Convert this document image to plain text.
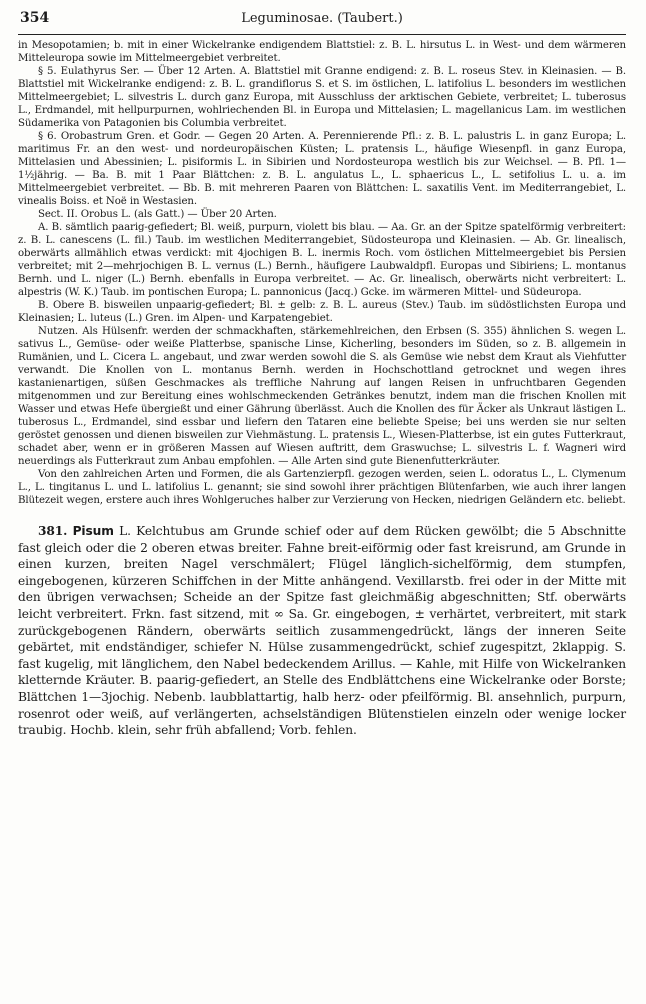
354	Leguminosae. (Taubert.)

in Mesopotamien; b. mit in einer Wickelranke endigendem Blattstiel: z. B. L. hirsutus L. in West- und dem wärmeren Mitteleuropa sowie im Mittelmeergebiet verbreitet.

§ 5. Eulathyrus Ser. — Über 12 Arten. A. Blattstiel mit Granne endigend: z. B. L. roseus Stev. in Kleinasien. — B. Blattstiel mit Wickelranke endigend: z. B. L. grandiflorus S. et S. im östlichen, L. latifolius L. besonders im westlichen Mittelmeergebiet; L. silvestris L. durch ganz Europa, mit Ausschluss der arktischen Gebiete, verbreitet; L. tuberosus L., Erdmandel, mit hellpurpurnen, wohlriechenden Bl. in Europa und Mittelasien; L. magellanicus Lam. im westlichen Südamerika von Patagonien bis Columbia verbreitet.

§ 6. Orobastrum Gren. et Godr. — Gegen 20 Arten. A. Perennierende Pfl.: z. B. L. palustris L. in ganz Europa; L. maritimus Fr. an den west- und nordeuropäischen Küsten; L. pratensis L., häufige Wiesenpfl. in ganz Europa, Mittelasien und Abessinien; L. pisiformis L. in Sibirien und Nordosteuropa westlich bis zur Weichsel. — B. Pfl. 1—1½jährig. — Ba. B. mit 1 Paar Blättchen: z. B. L. angulatus L., L. sphaericus L., L. setifolius L. u. a. im Mittelmeergebiet verbreitet. — Bb. B. mit mehreren Paaren von Blättchen: L. saxatilis Vent. im Mediterrangebiet, L. vinealis Boiss. et Noë in Westasien.

Sect. II. Orobus L. (als Gatt.) — Über 20 Arten.

A. B. sämtlich paarig-gefiedert; Bl. weiß, purpurn, violett bis blau. — Aa. Gr. an der Spitze spatelförmig verbreitert: z. B. L. canescens (L. fil.) Taub. im westlichen Mediterrangebiet, Südosteuropa und Kleinasien. — Ab. Gr. linealisch, oberwärts allmählich etwas verdickt: mit 4jochigen B. L. inermis Roch. vom östlichen Mittelmeergebiet bis Persien verbreitet; mit 2—mehrjochigen B. L. vernus (L.) Bernh., häufigere Laubwaldpfl. Europas und Sibiriens; L. montanus Bernh. und L. niger (L.) Bernh. ebenfalls in Europa verbreitet. — Ac. Gr. linealisch, oberwärts nicht verbreitert: L. alpestris (W. K.) Taub. im pontischen Europa; L. pannonicus (Jacq.) Gcke. im wärmeren Mittel- und Südeuropa.

B. Obere B. bisweilen unpaarig-gefiedert; Bl. ± gelb: z. B. L. aureus (Stev.) Taub. im südöstlichsten Europa und Kleinasien; L. luteus (L.) Gren. im Alpen- und Karpatengebiet.

Nutzen. Als Hülsenfr. werden der schmackhaften, stärkemehlreichen, den Erbsen (S. 355) ähnlichen S. wegen L. sativus L., Gemüse- oder weiße Platterbse, spanische Linse, Kicherling, besonders im Süden, so z. B. allgemein in Rumänien, und L. Cicera L. angebaut, und zwar werden sowohl die S. als Gemüse wie nebst dem Kraut als Viehfutter verwandt. Die Knollen von L. montanus Bernh. werden in Hochschottland getrocknet und wegen ihres kastanienartigen, süßen Geschmackes als treffliche Nahrung auf langen Reisen in unfruchtbaren Gegenden mitgenommen und zur Bereitung eines wohlschmeckenden Getränkes benutzt, indem man die frischen Knollen mit Wasser und etwas Hefe übergießt und einer Gährung überlässt. Auch die Knollen des für Äcker als Unkraut lästigen L. tuberosus L., Erdmandel, sind essbar und liefern den Tataren eine beliebte Speise; bei uns werden sie nur selten geröstet genossen und dienen bisweilen zur Viehmästung. L. pratensis L., Wiesen-Platterbse, ist ein gutes Futterkraut, schadet aber, wenn er in größeren Massen auf Wiesen auftritt, dem Graswuchse; L. silvestris L. f. Wagneri wird neuerdings als Futterkraut zum Anbau empfohlen. — Alle Arten sind gute Bienenfutterkräuter.

Von den zahlreichen Arten und Formen, die als Gartenzierpfl. gezogen werden, seien L. odoratus L., L. Clymenum L., L. tingitanus L. und L. latifolius L. genannt; sie sind sowohl ihrer prächtigen Blütenfarben, wie auch ihrer langen Blütezeit wegen, erstere auch ihres Wohlgeruches halber zur Verzierung von Hecken, niedrigen Geländern etc. beliebt.

381. Pisum L. Kelchtubus am Grunde schief oder auf dem Rücken gewölbt; die 5 Abschnitte fast gleich oder die 2 oberen etwas breiter. Fahne breit-eiförmig oder fast kreisrund, am Grunde in einen kurzen, breiten Nagel verschmälert; Flügel länglich-sichelförmig, dem stumpfen, eingebogenen, kürzeren Schiffchen in der Mitte anhängend. Vexillarstb. frei oder in der Mitte mit den übrigen verwachsen; Scheide an der Spitze fast gleichmäßig abgeschnitten; Stf. oberwärts leicht verbreitert. Frkn. fast sitzend, mit ∞ Sa. Gr. eingebogen, ± verhärtet, verbreitert, mit stark zurückgebogenen Rändern, oberwärts seitlich zusammengedrückt, längs der inneren Seite gebärtet, mit endständiger, schiefer N. Hülse zusammengedrückt, schief zugespitzt, 2klappig. S. fast kugelig, mit länglichem, den Nabel bedeckendem Arillus. — Kahle, mit Hilfe von Wickelranken kletternde Kräuter. B. paarig-gefiedert, an Stelle des Endblättchens eine Wickelranke oder Borste; Blättchen 1—3jochig. Nebenb. laubblattartig, halb herz- oder pfeilförmig. Bl. ansehnlich, purpurn, rosenrot oder weiß, auf verlängerten, achselständigen Blütenstielen einzeln oder wenige locker traubig. Hochb. klein, sehr früh abfallend; Vorb. fehlen.
